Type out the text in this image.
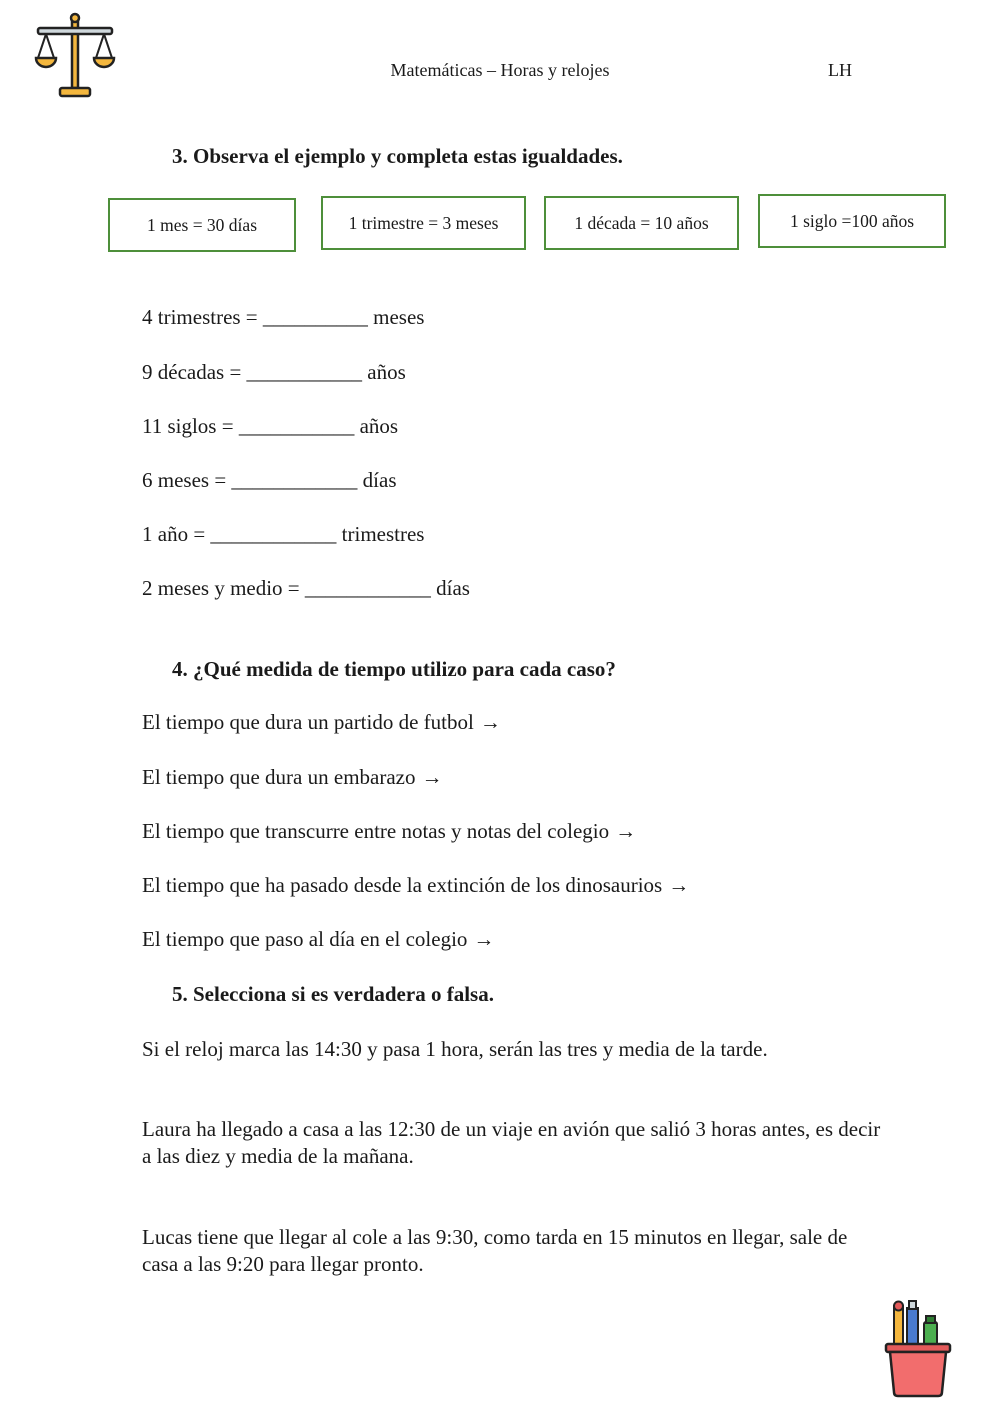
Matemáticas – Horas y relojes	LH
3. Observa el ejemplo y completa estas igualdades.
1 mes = 30 días	1 trimestre = 3 meses	1 década = 10 años	1 siglo =100 años
4 trimestres = __________ meses
9 décadas = ___________ años
11 siglos = ___________ años
6 meses = ____________ días
1 año = ____________ trimestres
2 meses y medio = ____________ días
4. ¿Qué medida de tiempo utilizo para cada caso?
El tiempo que dura un partido de futbol →
El tiempo que dura un embarazo →
El tiempo que transcurre entre notas y notas del colegio →
El tiempo que ha pasado desde la extinción de los dinosaurios →
El tiempo que paso al día en el colegio →
5. Selecciona si es verdadera o falsa.
Si el reloj marca las 14:30 y pasa 1 hora, serán las tres y media de la tarde.
Laura ha llegado a casa a las 12:30 de un viaje en avión que salió 3 horas antes, es decir a las diez y media de la mañana.
Lucas tiene que llegar al cole a las 9:30, como tarda en 15 minutos en llegar, sale de casa a las 9:20 para llegar pronto.
